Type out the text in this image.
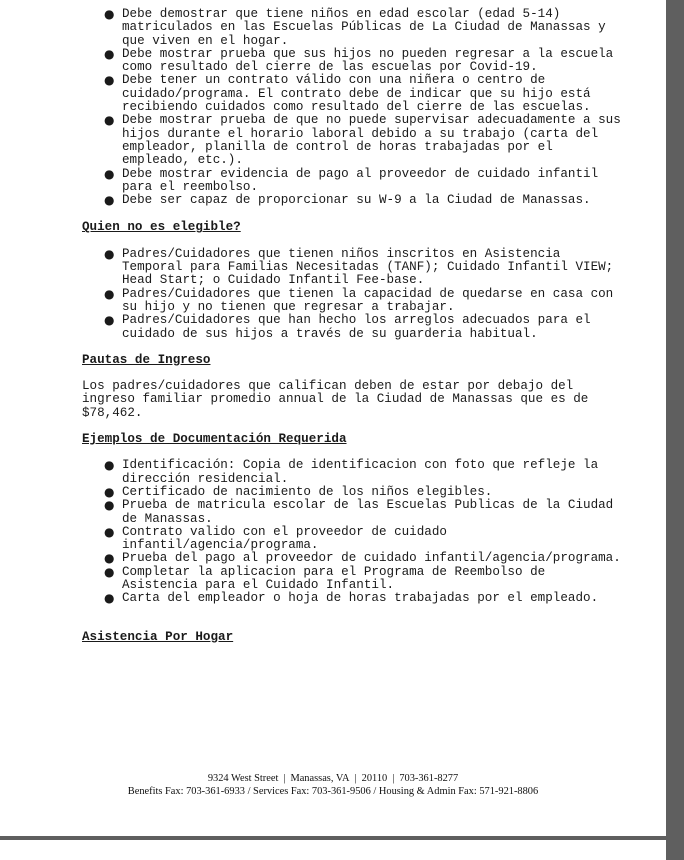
● Debe demostrar que tiene niños en edad escolar (edad 5-14) matriculados en las Escuelas Públicas de La Ciudad de Manassas y que viven en el hogar.
● Debe mostrar prueba que sus hijos no pueden regresar a la escuela como resultado del cierre de las escuelas por Covid-19.
● Debe tener un contrato válido con una niñera o centro de cuidado/programa. El contrato debe de indicar que su hijo está recibiendo cuidados como resultado del cierre de las escuelas.
● Debe mostrar prueba de que no puede supervisar adecuadamente a sus hijos durante el horario laboral debido a su trabajo (carta del empleador, planilla de control de horas trabajadas por el empleado, etc.).
● Debe mostrar evidencia de pago al proveedor de cuidado infantil para el reembolso.
● Debe ser capaz de proporcionar su W-9 a la Ciudad de Manassas.

Quien no es elegible?

● Padres/Cuidadores que tienen niños inscritos en Asistencia Temporal para Familias Necesitadas (TANF); Cuidado Infantil VIEW; Head Start; o Cuidado Infantil Fee-base.
● Padres/Cuidadores que tienen la capacidad de quedarse en casa con su hijo y no tienen que regresar a trabajar.
● Padres/Cuidadores que han hecho los arreglos adecuados para el cuidado de sus hijos a través de su guarderia habitual.

Pautas de Ingreso

Los padres/cuidadores que califican deben de estar por debajo del ingreso familiar promedio annual de la Ciudad de Manassas que es de $78,462.

Ejemplos de Documentación Requerida

● Identificación: Copia de identificacion con foto que refleje la dirección residencial.
● Certificado de nacimiento de los niños elegibles.
● Prueba de matricula escolar de las Escuelas Publicas de la Ciudad de Manassas.
● Contrato valido con el proveedor de cuidado infantil/agencia/programa.
● Prueba del pago al proveedor de cuidado infantil/agencia/programa.
● Completar la aplicacion para el Programa de Reembolso de Asistencia para el Cuidado Infantil.
● Carta del empleador o hoja de horas trabajadas por el empleado.

Asistencia Por Hogar

9324 West Street | Manassas, VA | 20110 | 703-361-8277
Benefits Fax: 703-361-6933 / Services Fax: 703-361-9506 / Housing & Admin Fax: 571-921-8806
